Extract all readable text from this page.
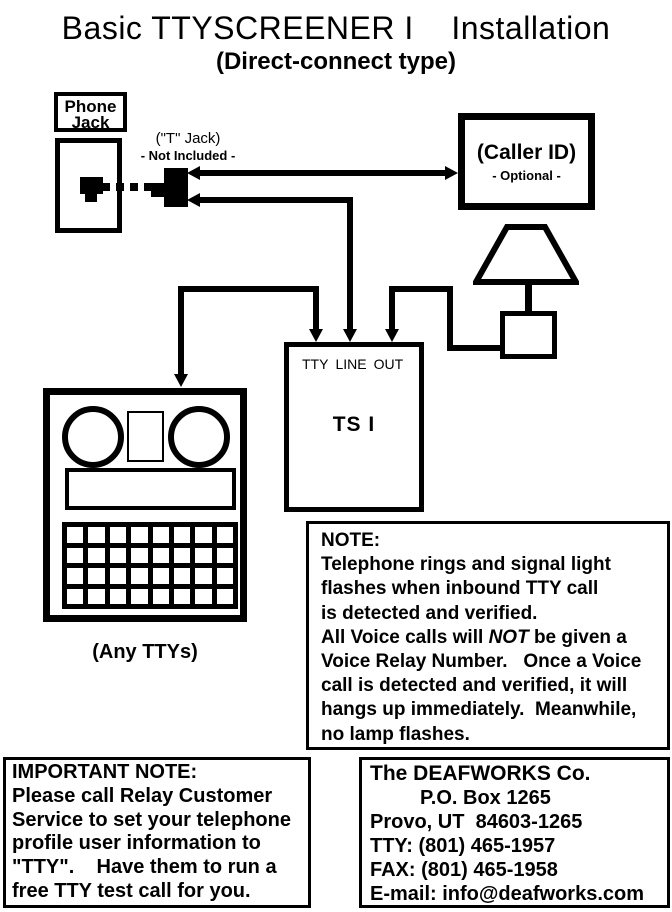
Basic TTYSCREENER I    Installation
(Direct-connect type)
Phone Jack
("T" Jack)
- Not Included -	(Caller ID)
- Optional -
TTY LINE OUT
TS I
(Any TTYs)
NOTE:
Telephone rings and signal light
flashes when inbound TTY call
is detected and verified.
All Voice calls will NOT be given a
Voice Relay Number.   Once a Voice
call is detected and verified, it will
hangs up immediately.  Meanwhile,
no lamp flashes.
IMPORTANT NOTE:
Please call Relay Customer
Service to set your telephone
profile user information to
"TTY".    Have them to run a
free TTY test call for you.
The DEAFWORKS Co.
P.O. Box 1265
Provo, UT  84603-1265
TTY: (801) 465-1957
FAX: (801) 465-1958
E-mail: info@deafworks.com
